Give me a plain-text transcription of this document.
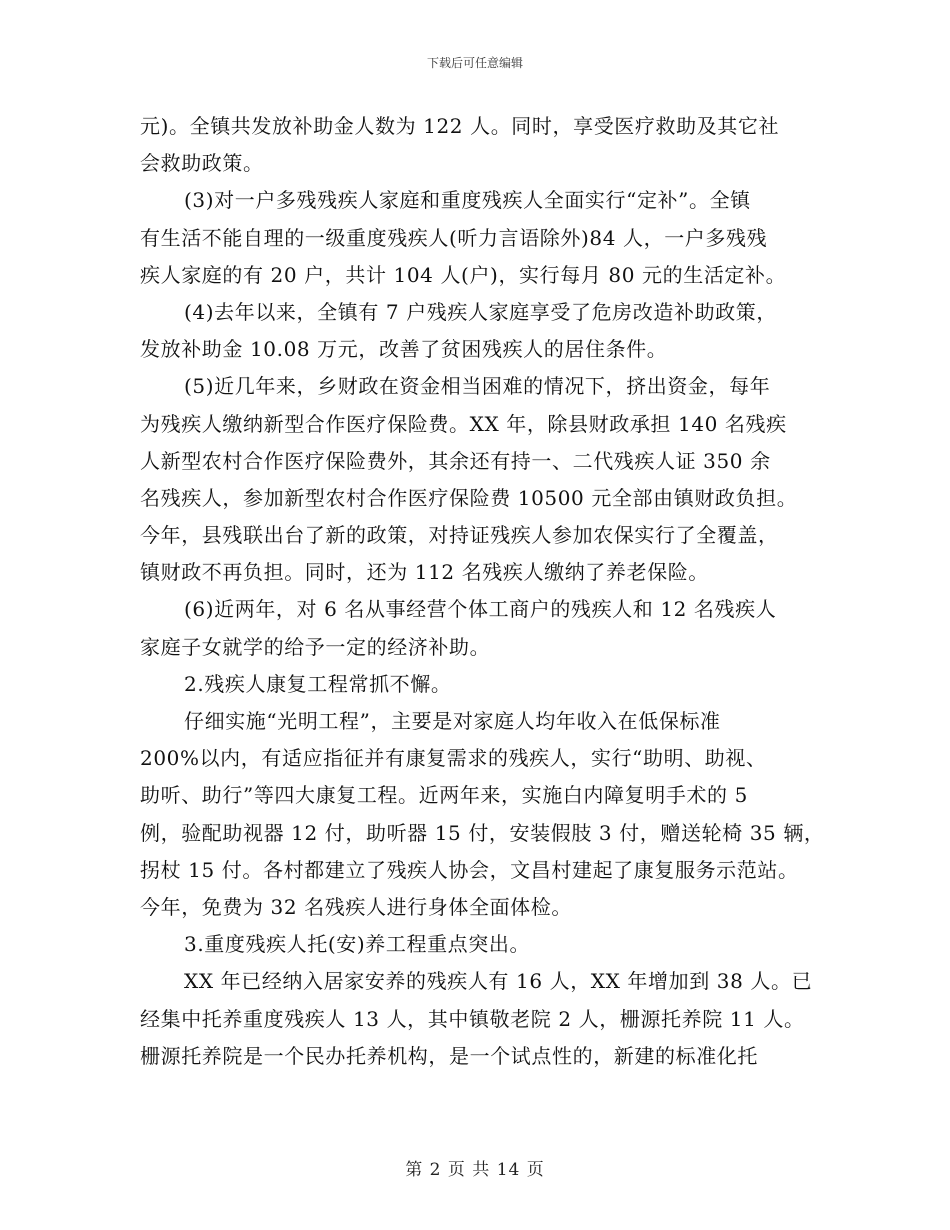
下载后可任意编辑
元)。全镇共发放补助金人数为 122 人。同时，享受医疗救助及其它社
会救助政策。
(3)对一户多残残疾人家庭和重度残疾人全面实行“定补”。全镇
有生活不能自理的一级重度残疾人(听力言语除外)84 人，一户多残残
疾人家庭的有 20 户，共计 104 人(户)，实行每月 80 元的生活定补。
(4)去年以来，全镇有 7 户残疾人家庭享受了危房改造补助政策，
发放补助金 10.08 万元，改善了贫困残疾人的居住条件。
(5)近几年来，乡财政在资金相当困难的情况下，挤出资金，每年
为残疾人缴纳新型合作医疗保险费。XX 年，除县财政承担 140 名残疾
人新型农村合作医疗保险费外，其余还有持一、二代残疾人证 350 余
名残疾人，参加新型农村合作医疗保险费 10500 元全部由镇财政负担。
今年，县残联出台了新的政策，对持证残疾人参加农保实行了全覆盖，
镇财政不再负担。同时，还为 112 名残疾人缴纳了养老保险。
(6)近两年，对 6 名从事经营个体工商户的残疾人和 12 名残疾人
家庭子女就学的给予一定的经济补助。
2.残疾人康复工程常抓不懈。
仔细实施“光明工程”，主要是对家庭人均年收入在低保标准
200%以内，有适应指征并有康复需求的残疾人，实行“助明、助视、
助听、助行”等四大康复工程。近两年来，实施白内障复明手术的 5
例，验配助视器 12 付，助听器 15 付，安装假肢 3 付，赠送轮椅 35 辆，
拐杖 15 付。各村都建立了残疾人协会，文昌村建起了康复服务示范站。
今年，免费为 32 名残疾人进行身体全面体检。
3.重度残疾人托(安)养工程重点突出。
XX 年已经纳入居家安养的残疾人有 16 人，XX 年增加到 38 人。已
经集中托养重度残疾人 13 人，其中镇敬老院 2 人，栅源托养院 11 人。
栅源托养院是一个民办托养机构，是一个试点性的，新建的标准化托
第 2 页 共 14 页
